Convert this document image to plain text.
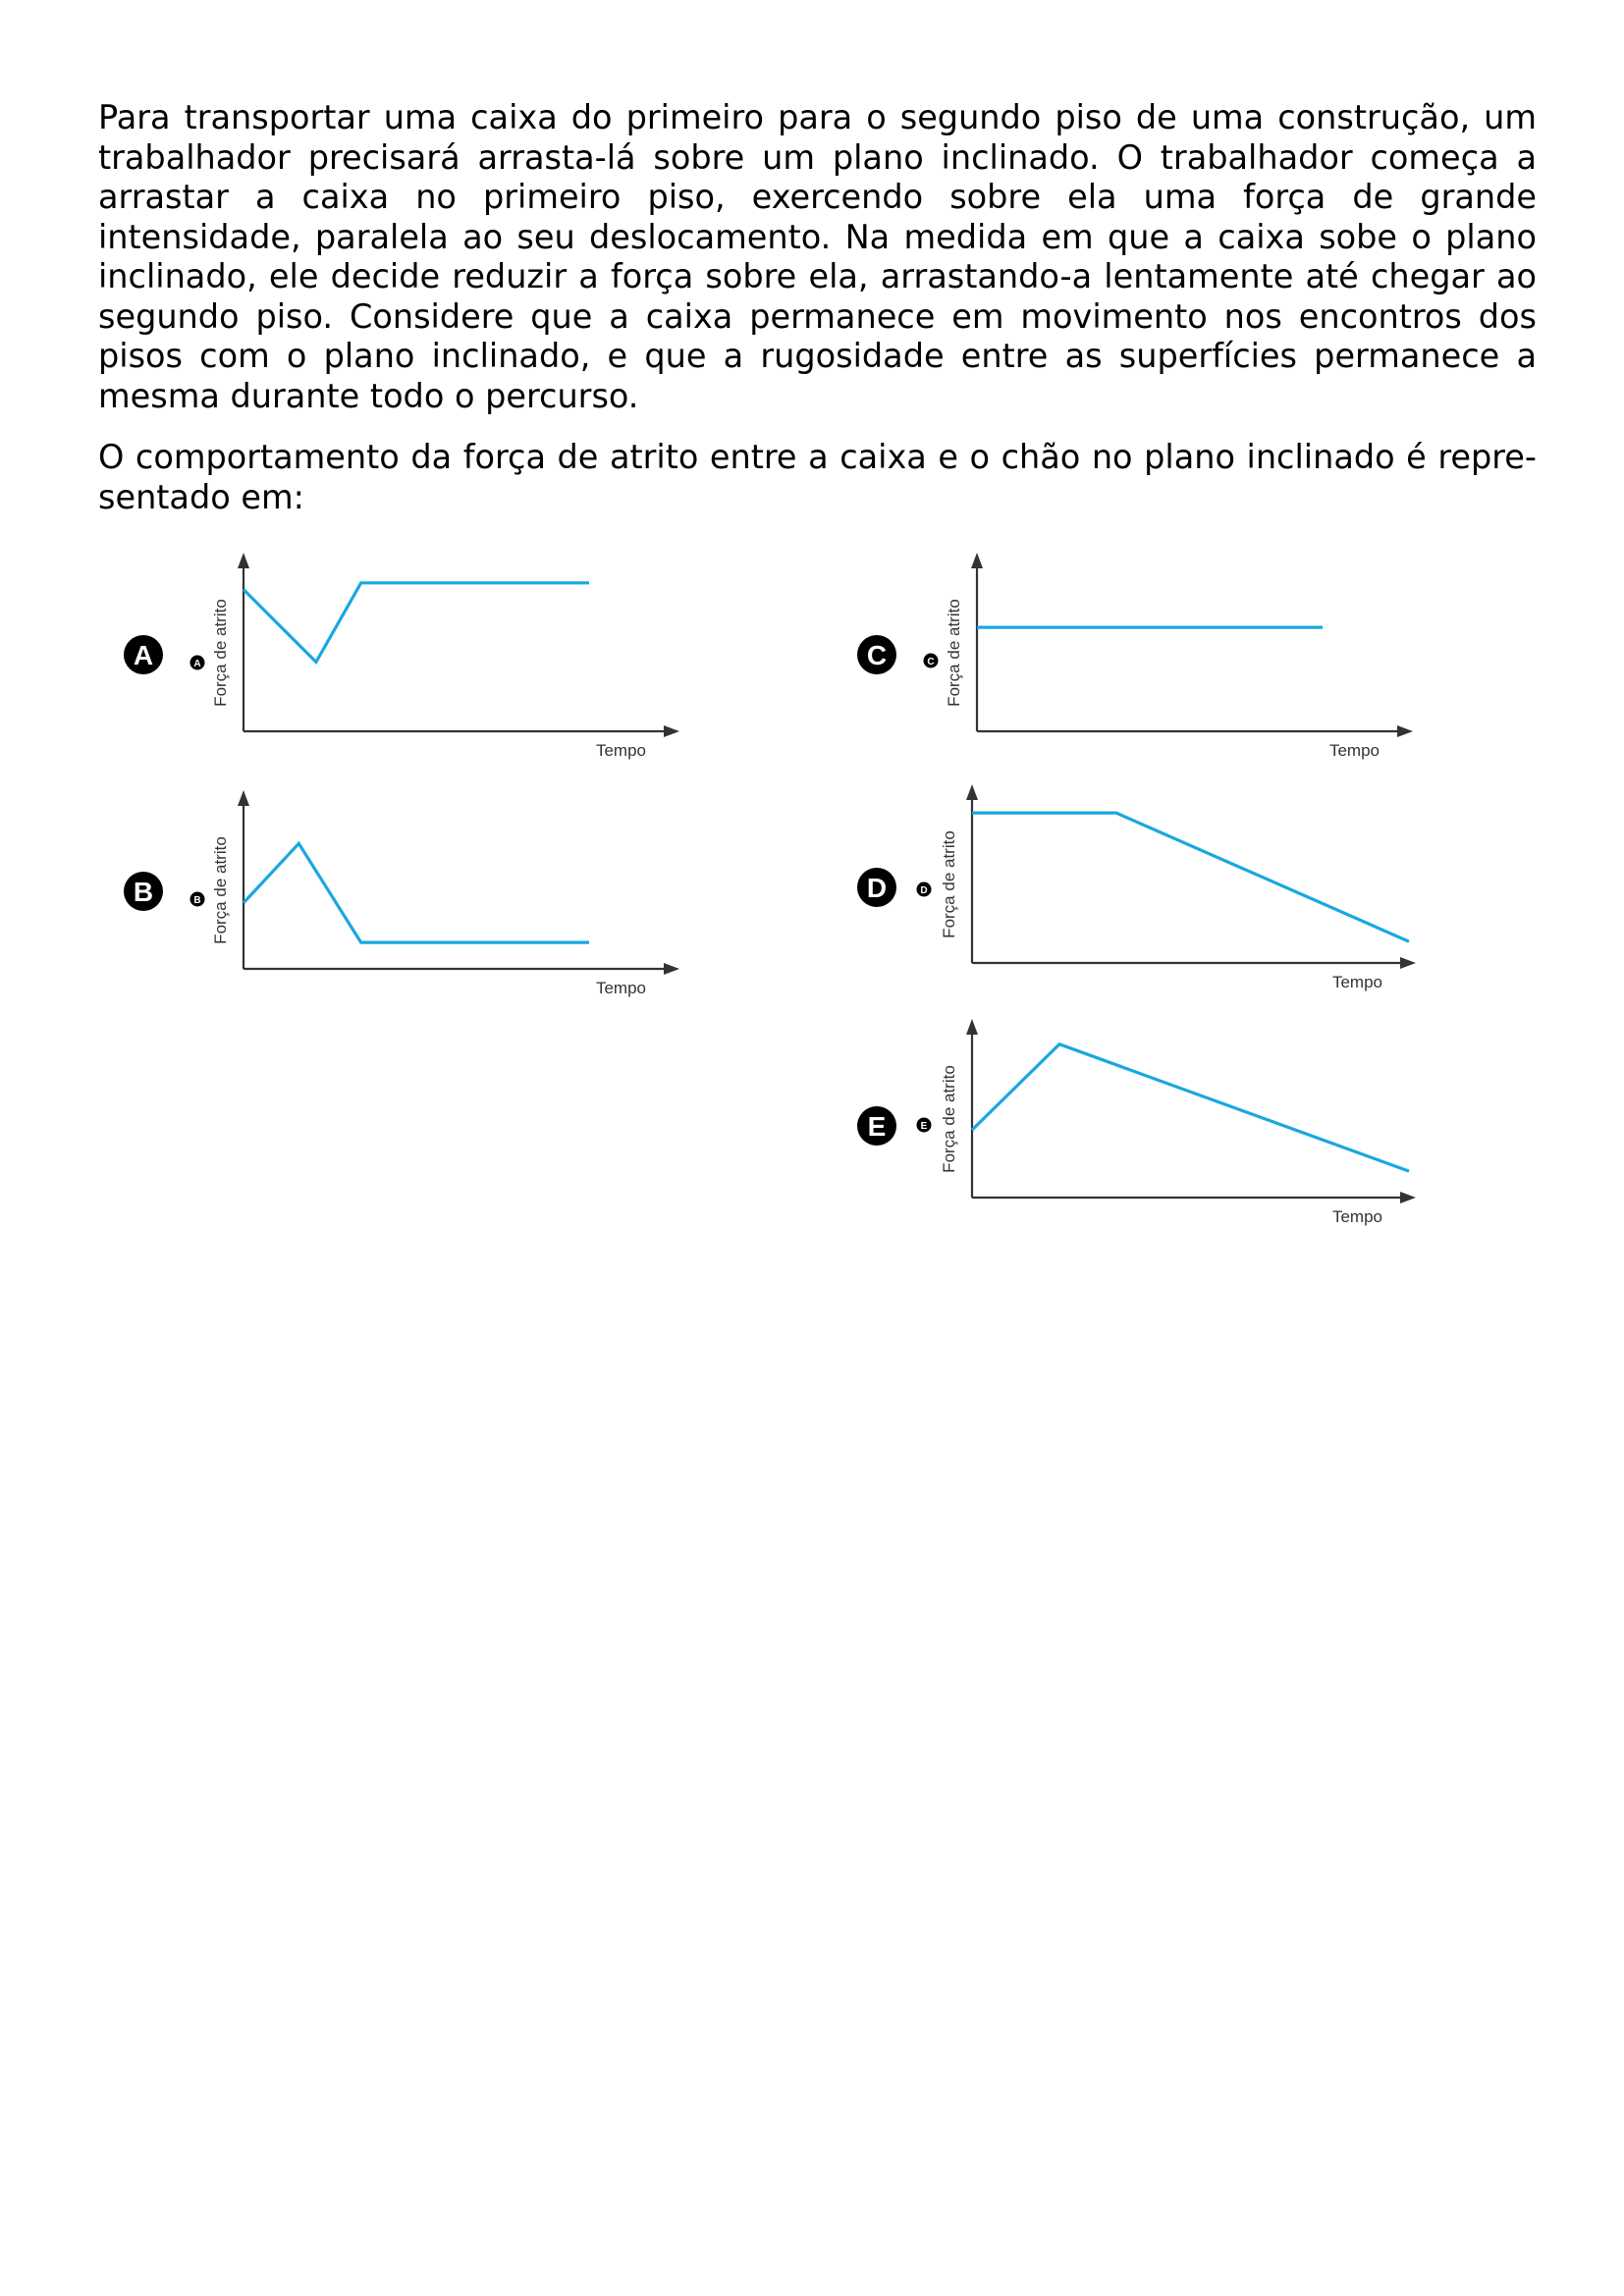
Para transportar uma caixa do primeiro para o segundo piso de uma construção, um trabalhador precisará arrasta-lá sobre um plano inclinado. O trabalhador começa a arrastar a caixa no primeiro piso, exercendo sobre ela uma força de grande intensidade, paralela ao seu deslocamento. Na medida em que a caixa sobe o plano inclinado, ele decide reduzir a força sobre ela, arrastando-a lentamente até chegar ao segundo piso. Considere que a caixa permanece em movimento nos encontros dos pisos com o plano inclinado, e que a rugosidade entre as superfícies permanece a mesma durante todo o percurso.

O comportamento da força de atrito entre a caixa e o chão no plano inclinado é repre-sentado em:

Tempo
Força de atrito
A	A
Tempo
Força de atrito
B	B
Tempo
Força de atrito
C	C
Tempo
Força de atrito
D	D
Tempo
Força de atrito
E	E
